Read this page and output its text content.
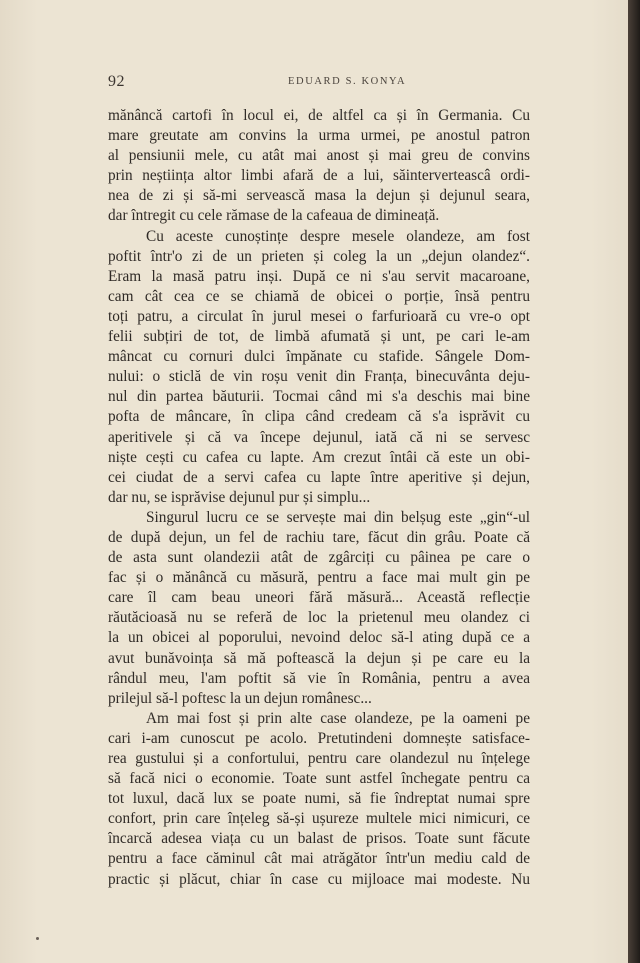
92	EDUARD S. KONYA
mănâncă cartofi în locul ei, de altfel ca și în Germania. Cu
mare greutate am convins la urma urmei, pe anostul patron
al pensiunii mele, cu atât mai anost și mai greu de convins
prin neștiința altor limbi afară de a lui, săinterverteascâ ordi-
nea de zi și să-mi servească masa la dejun și dejunul seara,
dar întregit cu cele rămase de la cafeaua de dimineață.
Cu aceste cunoștințe despre mesele olandeze, am fost
poftit într'o zi de un prieten și coleg la un „dejun olandez“.
Eram la masă patru inși. După ce ni s'au servit macaroane,
cam cât cea ce se chiamă de obicei o porție, însă pentru
toți patru, a circulat în jurul mesei o farfurioară cu vre-o opt
felii subțiri de tot, de limbă afumată și unt, pe cari le-am
mâncat cu cornuri dulci împănate cu stafide. Sângele Dom-
nului: o sticlă de vin roșu venit din Franța, binecuvânta deju-
nul din partea băuturii. Tocmai când mi s'a deschis mai bine
pofta de mâncare, în clipa când credeam că s'a isprăvit cu
aperitivele și că va începe dejunul, iată că ni se servesc
niște cești cu cafea cu lapte. Am crezut întâi că este un obi-
cei ciudat de a servi cafea cu lapte între aperitive și dejun,
dar nu, se isprăvise dejunul pur și simplu...
Singurul lucru ce se servește mai din belșug este „gin“-ul
de după dejun, un fel de rachiu tare, făcut din grâu. Poate că
de asta sunt olandezii atât de zgârciți cu pâinea pe care o
fac și o mănâncă cu măsură, pentru a face mai mult gin pe
care îl cam beau uneori fără măsură... Această reflecție
răutăcioasă nu se referă de loc la prietenul meu olandez ci
la un obicei al poporului, nevoind deloc să-l ating după ce a
avut bunăvoința să mă poftească la dejun și pe care eu la
rândul meu, l'am poftit să vie în România, pentru a avea
prilejul să-l poftesc la un dejun românesc...
Am mai fost și prin alte case olandeze, pe la oameni pe
cari i-am cunoscut pe acolo. Pretutindeni domnește satisface-
rea gustului și a confortului, pentru care olandezul nu înțelege
să facă nici o economie. Toate sunt astfel închegate pentru ca
tot luxul, dacă lux se poate numi, să fie îndreptat numai spre
confort, prin care înțeleg să-și ușureze multele mici nimicuri, ce
încarcă adesea viața cu un balast de prisos. Toate sunt făcute
pentru a face căminul cât mai atrăgător într'un mediu cald de
practic și plăcut, chiar în case cu mijloace mai modeste. Nu
